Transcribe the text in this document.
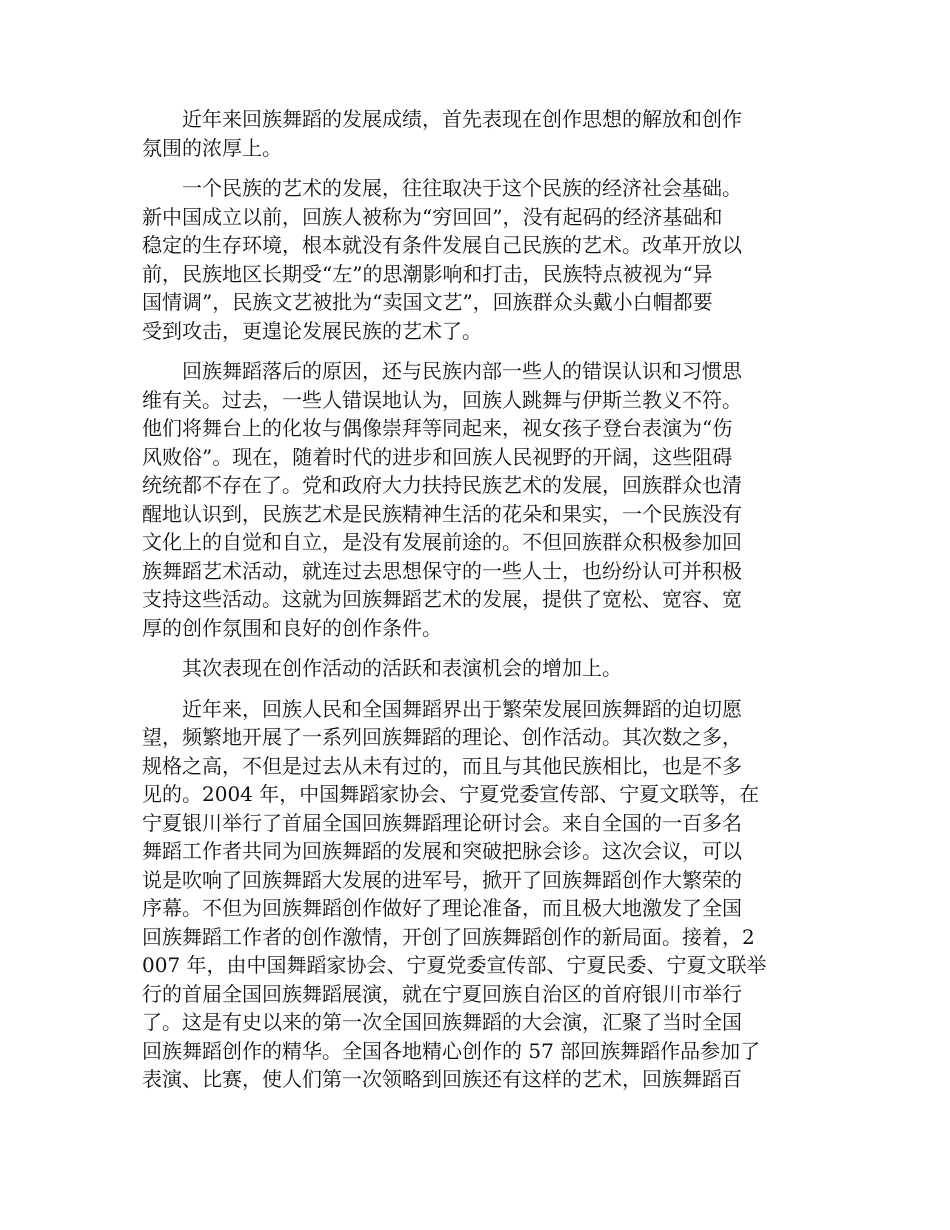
近年来回族舞蹈的发展成绩，首先表现在创作思想的解放和创作
氛围的浓厚上。
一个民族的艺术的发展，往往取决于这个民族的经济社会基础。
新中国成立以前，回族人被称为“穷回回”，没有起码的经济基础和
稳定的生存环境，根本就没有条件发展自己民族的艺术。改革开放以
前，民族地区长期受“左”的思潮影响和打击，民族特点被视为“异
国情调”，民族文艺被批为“卖国文艺”，回族群众头戴小白帽都要
受到攻击，更遑论发展民族的艺术了。
回族舞蹈落后的原因，还与民族内部一些人的错误认识和习惯思
维有关。过去，一些人错误地认为，回族人跳舞与伊斯兰教义不符。
他们将舞台上的化妆与偶像崇拜等同起来，视女孩子登台表演为“伤
风败俗”。现在，随着时代的进步和回族人民视野的开阔，这些阻碍
统统都不存在了。党和政府大力扶持民族艺术的发展，回族群众也清
醒地认识到，民族艺术是民族精神生活的花朵和果实，一个民族没有
文化上的自觉和自立，是没有发展前途的。不但回族群众积极参加回
族舞蹈艺术活动，就连过去思想保守的一些人士，也纷纷认可并积极
支持这些活动。这就为回族舞蹈艺术的发展，提供了宽松、宽容、宽
厚的创作氛围和良好的创作条件。
其次表现在创作活动的活跃和表演机会的增加上。
近年来，回族人民和全国舞蹈界出于繁荣发展回族舞蹈的迫切愿
望，频繁地开展了一系列回族舞蹈的理论、创作活动。其次数之多，
规格之高，不但是过去从未有过的，而且与其他民族相比，也是不多
见的。2004 年，中国舞蹈家协会、宁夏党委宣传部、宁夏文联等，在
宁夏银川举行了首届全国回族舞蹈理论研讨会。来自全国的一百多名
舞蹈工作者共同为回族舞蹈的发展和突破把脉会诊。这次会议，可以
说是吹响了回族舞蹈大发展的进军号，掀开了回族舞蹈创作大繁荣的
序幕。不但为回族舞蹈创作做好了理论准备，而且极大地激发了全国
回族舞蹈工作者的创作激情，开创了回族舞蹈创作的新局面。接着，2
007 年，由中国舞蹈家协会、宁夏党委宣传部、宁夏民委、宁夏文联举
行的首届全国回族舞蹈展演，就在宁夏回族自治区的首府银川市举行
了。这是有史以来的第一次全国回族舞蹈的大会演，汇聚了当时全国
回族舞蹈创作的精华。全国各地精心创作的 57 部回族舞蹈作品参加了
表演、比赛，使人们第一次领略到回族还有这样的艺术，回族舞蹈百
